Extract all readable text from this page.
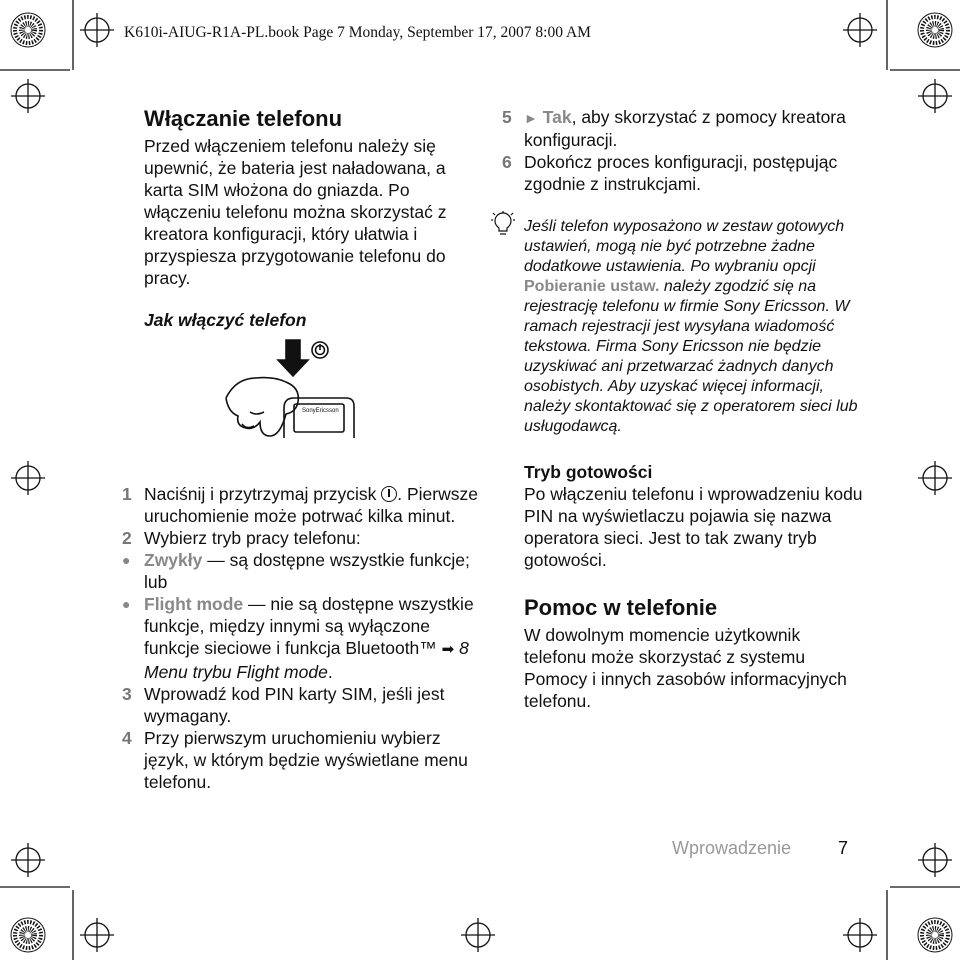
K610i-AIUG-R1A-PL.book Page 7 Monday, September 17, 2007 8:00 AM
Włączanie telefonu

Przed włączeniem telefonu należy się upewnić, że bateria jest naładowana, a karta SIM włożona do gniazda. Po włączeniu telefonu można skorzystać z kreatora konfiguracji, który ułatwia i przyspiesza przygotowanie telefonu do pracy.

Jak włączyć telefon

1 Naciśnij i przytrzymaj przycisk . Pierwsze uruchomienie może potrwać kilka minut.
2 Wybierz tryb pracy telefonu:
● Zwykły — są dostępne wszystkie funkcje; lub
● Flight mode — nie są dostępne wszystkie funkcje, między innymi są wyłączone funkcje sieciowe i funkcja Bluetooth™ ➡ 8 Menu trybu Flight mode.
3 Wprowadź kod PIN karty SIM, jeśli jest wymagany.
4 Przy pierwszym uruchomieniu wybierz język, w którym będzie wyświetlane menu telefonu.
SonyEricsson
5 ► Tak, aby skorzystać z pomocy kreatora konfiguracji.
6 Dokończ proces konfiguracji, postępując zgodnie z instrukcjami.
Jeśli telefon wyposażono w zestaw gotowych ustawień, mogą nie być potrzebne żadne dodatkowe ustawienia. Po wybraniu opcji Pobieranie ustaw. należy zgodzić się na rejestrację telefonu w firmie Sony Ericsson. W ramach rejestracji jest wysyłana wiadomość tekstowa. Firma Sony Ericsson nie będzie uzyskiwać ani przetwarzać żadnych danych osobistych. Aby uzyskać więcej informacji, należy skontaktować się z operatorem sieci lub usługodawcą.
Tryb gotowości

Po włączeniu telefonu i wprowadzeniu kodu PIN na wyświetlaczu pojawia się nazwa operatora sieci. Jest to tak zwany tryb gotowości.

Pomoc w telefonie

W dowolnym momencie użytkownik telefonu może skorzystać z systemu Pomocy i innych zasobów informacyjnych telefonu.

Wprowadzenie	7
